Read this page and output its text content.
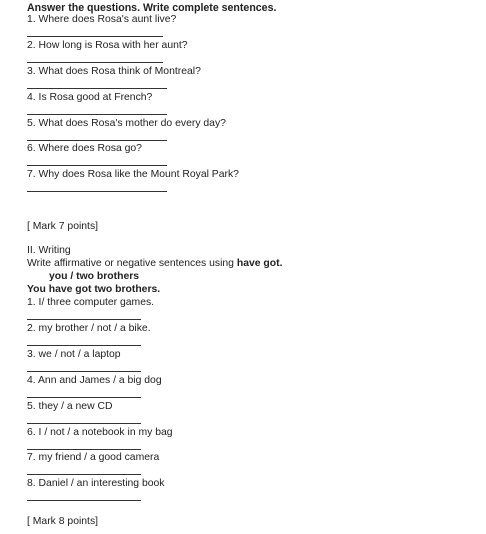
Answer the questions. Write complete sentences.
1. Where does Rosa's aunt live?
2. How long is Rosa with her aunt?
3. What does Rosa think of Montreal?
4. Is Rosa good at French?
5. What does Rosa's mother do every day?
6. Where does Rosa go?
7. Why does Rosa like the Mount Royal Park?
[ Mark 7 points]
II. Writing
Write affirmative or negative sentences using have got.
you / two brothers
You have got two brothers.
1. I/ three computer games.
2. my brother / not / a bike.
3. we / not / a laptop
4. Ann and James / a big dog
5. they / a new CD
6. I / not / a notebook in my bag
7. my friend / a good camera
8. Daniel / an interesting book
[ Mark 8 points]
